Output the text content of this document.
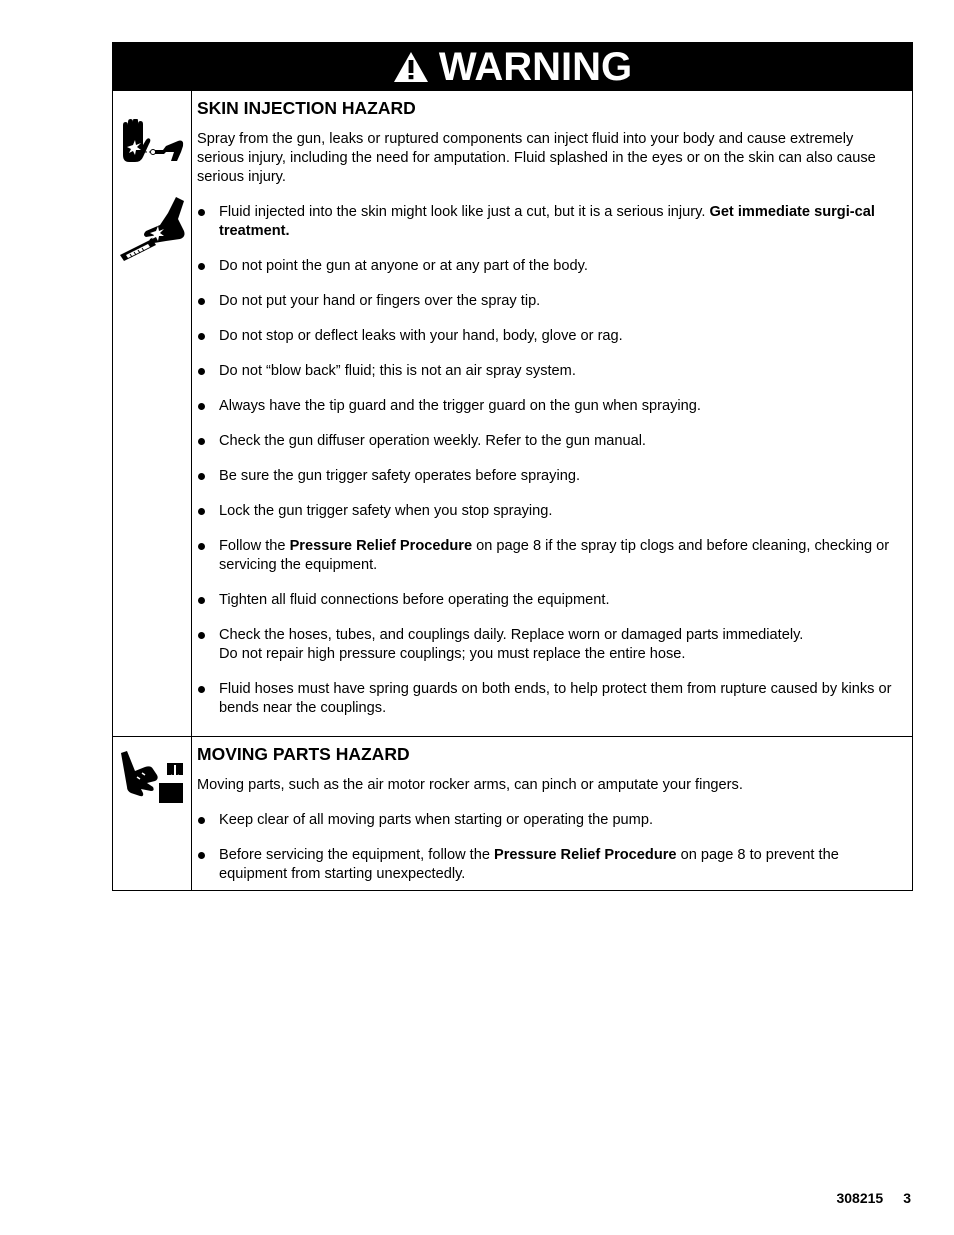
WARNING
SKIN INJECTION HAZARD

Spray from the gun, leaks or ruptured components can inject fluid into your body and cause extremely serious injury, including the need for amputation. Fluid splashed in the eyes or on the skin can also cause serious injury.

Fluid injected into the skin might look like just a cut, but it is a serious injury. Get immediate surgi-cal treatment.
Do not point the gun at anyone or at any part of the body.
Do not put your hand or fingers over the spray tip.
Do not stop or deflect leaks with your hand, body, glove or rag.
Do not “blow back” fluid; this is not an air spray system.
Always have the tip guard and the trigger guard on the gun when spraying.
Check the gun diffuser operation weekly. Refer to the gun manual.
Be sure the gun trigger safety operates before spraying.
Lock the gun trigger safety when you stop spraying.
Follow the Pressure Relief Procedure on page 8 if the spray tip clogs and before cleaning, checking or servicing the equipment.
Tighten all fluid connections before operating the equipment.
Check the hoses, tubes, and couplings daily. Replace worn or damaged parts immediately.
Do not repair high pressure couplings; you must replace the entire hose.
Fluid hoses must have spring guards on both ends, to help protect them from rupture caused by kinks or bends near the couplings.
MOVING PARTS HAZARD

Moving parts, such as the air motor rocker arms, can pinch or amputate your fingers.

Keep clear of all moving parts when starting or operating the pump.
Before servicing the equipment, follow the Pressure Relief Procedure on page 8 to prevent the equipment from starting unexpectedly.
308215 3
